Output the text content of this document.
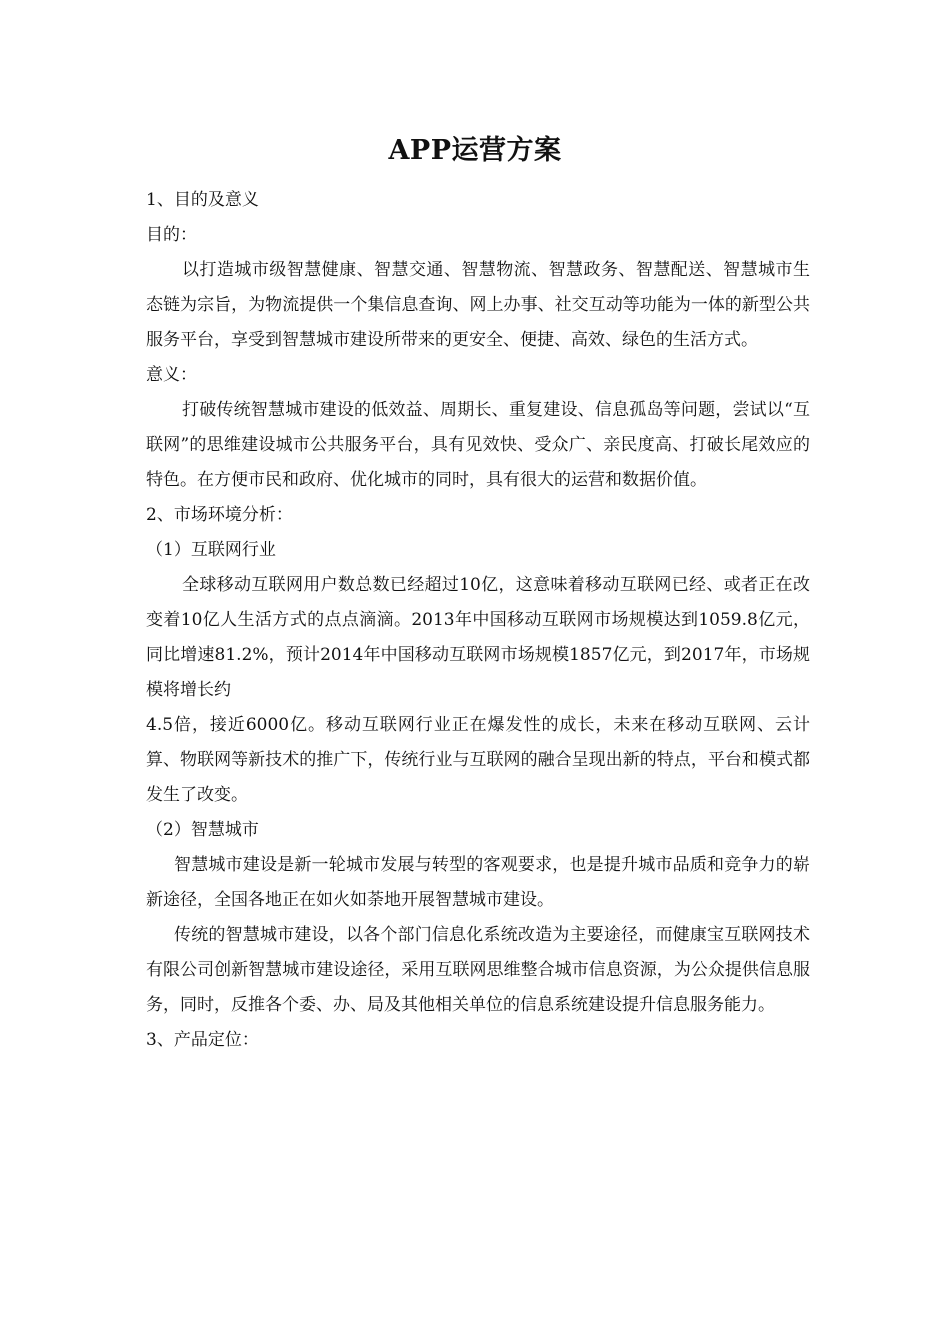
APP运营方案

1、目的及意义

目的：

以打造城市级智慧健康、智慧交通、智慧物流、智慧政务、智慧配送、智慧城市生态链为宗旨，为物流提供一个集信息查询、网上办事、社交互动等功能为一体的新型公共服务平台，享受到智慧城市建设所带来的更安全、便捷、高效、绿色的生活方式。

意义：

打破传统智慧城市建设的低效益、周期长、重复建设、信息孤岛等问题，尝试以“互联网”的思维建设城市公共服务平台，具有见效快、受众广、亲民度高、打破长尾效应的特色。在方便市民和政府、优化城市的同时，具有很大的运营和数据价值。

2、市场环境分析：

（1）互联网行业

全球移动互联网用户数总数已经超过10亿，这意味着移动互联网已经、或者正在改变着10亿人生活方式的点点滴滴。2013年中国移动互联网市场规模达到1059.8亿元，同比增速81.2%，预计2014年中国移动互联网市场规模1857亿元，到2017年，市场规模将增长约

4.5倍，接近6000亿。移动互联网行业正在爆发性的成长，未来在移动互联网、云计算、物联网等新技术的推广下，传统行业与互联网的融合呈现出新的特点，平台和模式都发生了改变。

（2）智慧城市

智慧城市建设是新一轮城市发展与转型的客观要求，也是提升城市品质和竞争力的崭新途径，全国各地正在如火如荼地开展智慧城市建设。

传统的智慧城市建设，以各个部门信息化系统改造为主要途径，而健康宝互联网技术有限公司创新智慧城市建设途径，采用互联网思维整合城市信息资源，为公众提供信息服务，同时，反推各个委、办、局及其他相关单位的信息系统建设提升信息服务能力。

3、产品定位：
